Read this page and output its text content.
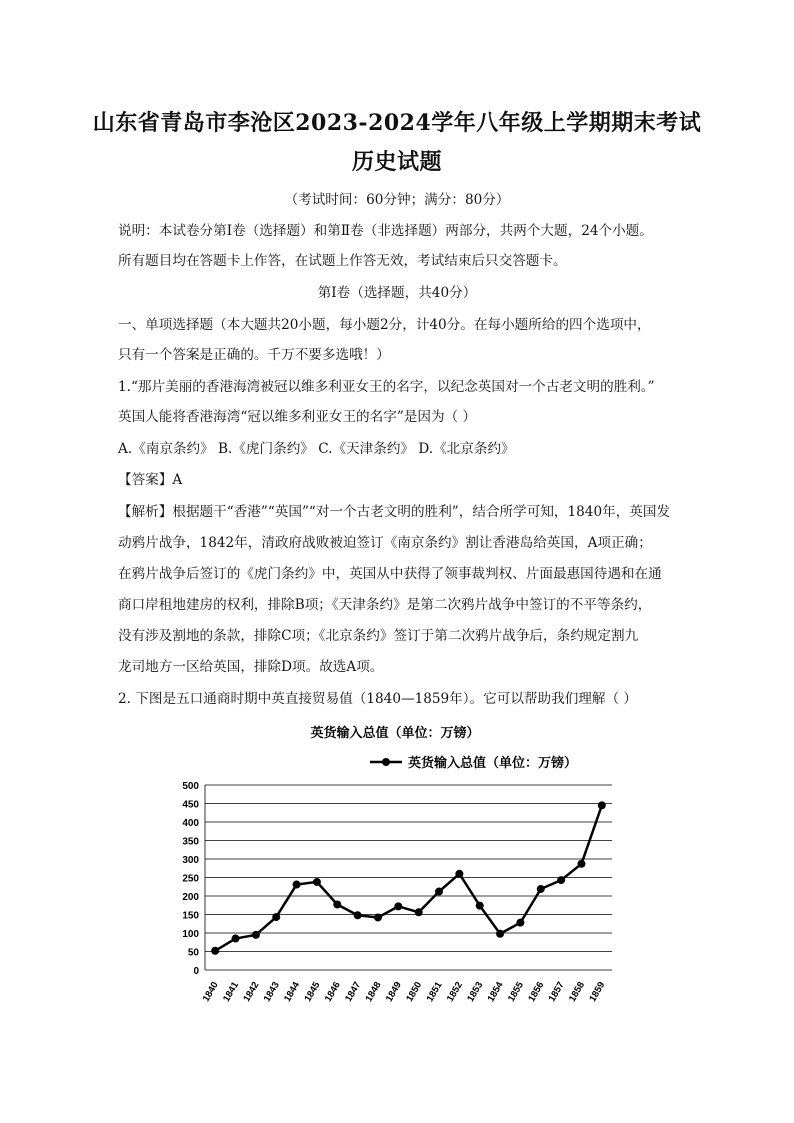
山东省青岛市李沧区2023-2024学年八年级上学期期末考试
历史试题
（考试时间：60分钟；满分：80分）
说明：本试卷分第Ⅰ卷（选择题）和第Ⅱ卷（非选择题）两部分，共两个大题，24个小题。
所有题目均在答题卡上作答，在试题上作答无效，考试结束后只交答题卡。
第Ⅰ卷（选择题，共40分）
一、单项选择题（本大题共20小题，每小题2分，计40分。在每小题所给的四个选项中，
只有一个答案是正确的。千万不要多选哦！）
1.“那片美丽的香港海湾被冠以维多利亚女王的名字，以纪念英国对一个古老文明的胜利。”
英国人能将香港海湾“冠以维多利亚女王的名字”是因为（ ）
A.《南京条约》 B.《虎门条约》 C.《天津条约》 D.《北京条约》
【答案】A
【解析】根据题干“香港”“英国”“对一个古老文明的胜利”，结合所学可知，1840年，英国发
动鸦片战争，1842年，清政府战败被迫签订《南京条约》割让香港岛给英国，A项正确；
在鸦片战争后签订的《虎门条约》中，英国从中获得了领事裁判权、片面最惠国待遇和在通
商口岸租地建房的权利，排除B项；《天津条约》是第二次鸦片战争中签订的不平等条约，
没有涉及割地的条款，排除C项；《北京条约》签订于第二次鸦片战争后，条约规定割九
龙司地方一区给英国，排除D项。故选A项。
2. 下图是五口通商时期中英直接贸易值（1840—1859年）。它可以帮助我们理解（ ）
英货输入总值（单位：万镑）
英货输入总值（单位：万镑）
0
50
100
150
200
250
300
350
400
450
500
1840 1841 1842 1843 1844 1845 1846 1847 1848 1849 1850 1851 1852 1853 1854 1855 1856 1857 1858 1859
